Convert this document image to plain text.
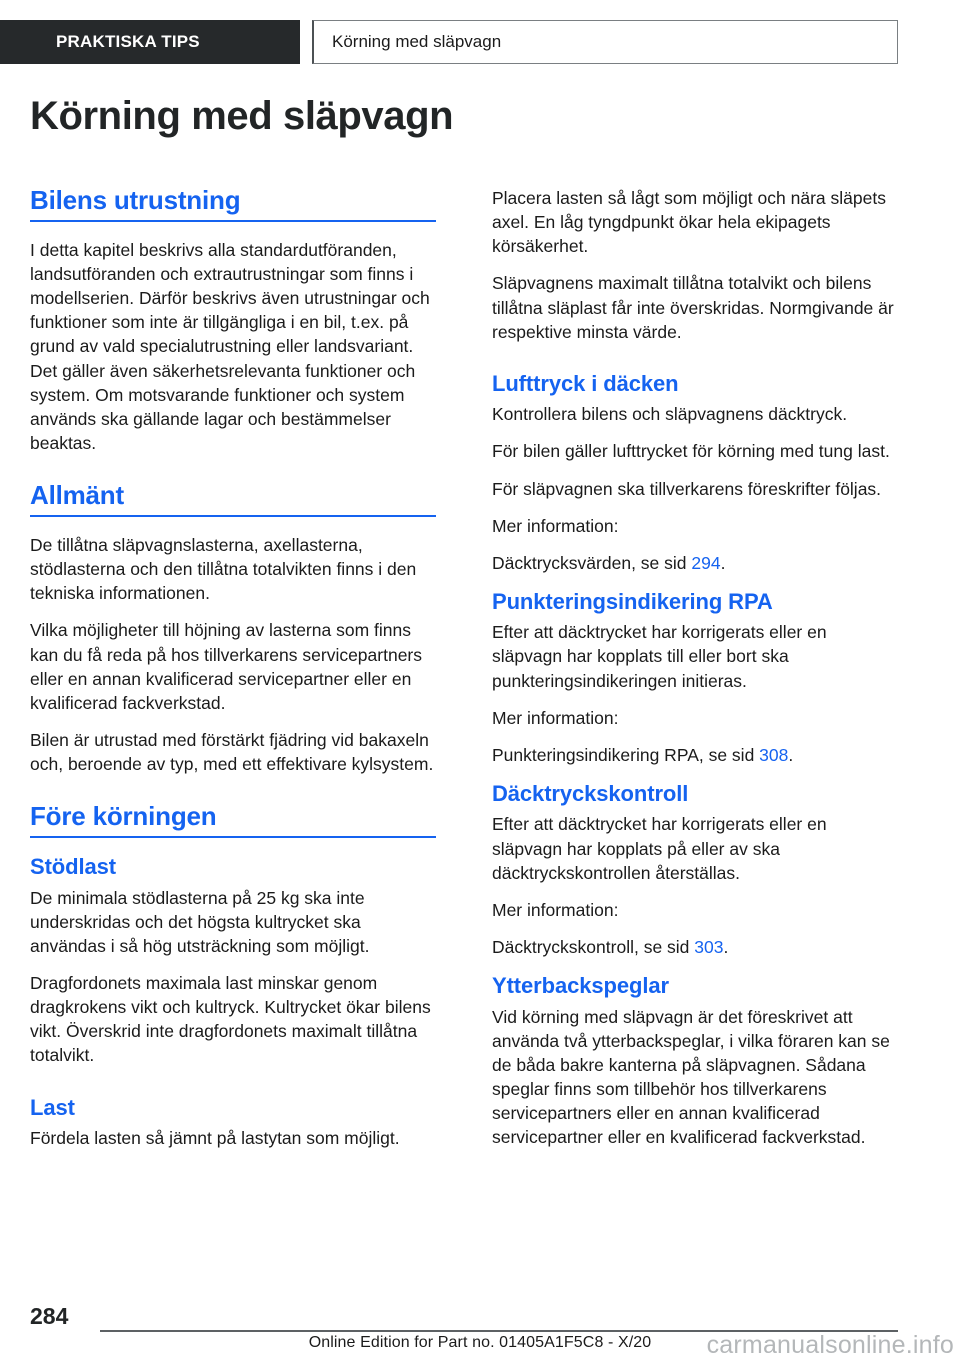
PRAKTISKA TIPS	Körning med släpvagn
Körning med släpvagn
Bilens utrustning

I detta kapitel beskrivs alla standardutföranden, landsutföranden och extrautrustningar som finns i modellserien. Därför beskrivs även utrustningar och funktioner som inte är tillgängliga i en bil, t.ex. på grund av vald specialutrustning eller landsvariant. Det gäller även säkerhetsrelevanta funktioner och system. Om motsvarande funktioner och system används ska gällande lagar och bestämmelser beaktas.

Allmänt

De tillåtna släpvagnslasterna, axellasterna, stödlasterna och den tillåtna totalvikten finns i den tekniska informationen.

Vilka möjligheter till höjning av lasterna som finns kan du få reda på hos tillverkarens servicepartners eller en annan kvalificerad servicepartner eller en kvalificerad fackverkstad.

Bilen är utrustad med förstärkt fjädring vid bakaxeln och, beroende av typ, med ett effektivare kylsystem.

Före körningen
Stödlast

De minimala stödlasterna på 25 kg ska inte underskridas och det högsta kultrycket ska användas i så hög utsträckning som möjligt.

Dragfordonets maximala last minskar genom dragkrokens vikt och kultryck. Kultrycket ökar bilens vikt. Överskrid inte dragfordonets maximalt tillåtna totalvikt.

Last

Fördela lasten så jämnt på lastytan som möjligt.

Placera lasten så lågt som möjligt och nära släpets axel. En låg tyngdpunkt ökar hela ekipagets körsäkerhet.

Släpvagnens maximalt tillåtna totalvikt och bilens tillåtna släplast får inte överskridas. Normgivande är respektive minsta värde.

Lufttryck i däcken

Kontrollera bilens och släpvagnens däcktryck.

För bilen gäller lufttrycket för körning med tung last.

För släpvagnen ska tillverkarens föreskrifter följas.

Mer information:

Däcktrycksvärden, se sid 294.

Punkteringsindikering RPA

Efter att däcktrycket har korrigerats eller en släpvagn har kopplats till eller bort ska punkteringsindikeringen initieras.

Mer information:

Punkteringsindikering RPA, se sid 308.

Däcktryckskontroll

Efter att däcktrycket har korrigerats eller en släpvagn har kopplats på eller av ska däcktryckskontrollen återställas.

Mer information:

Däcktryckskontroll, se sid 303.

Ytterbackspeglar

Vid körning med släpvagn är det föreskrivet att använda två ytterbackspeglar, i vilka föraren kan se de båda bakre kanterna på släpvagnen. Sådana speglar finns som tillbehör hos tillverkarens servicepartners eller en annan kvalificerad servicepartner eller en kvalificerad fackverkstad.

284
Online Edition for Part no. 01405A1F5C8 - X/20	carmanualsonline.info
